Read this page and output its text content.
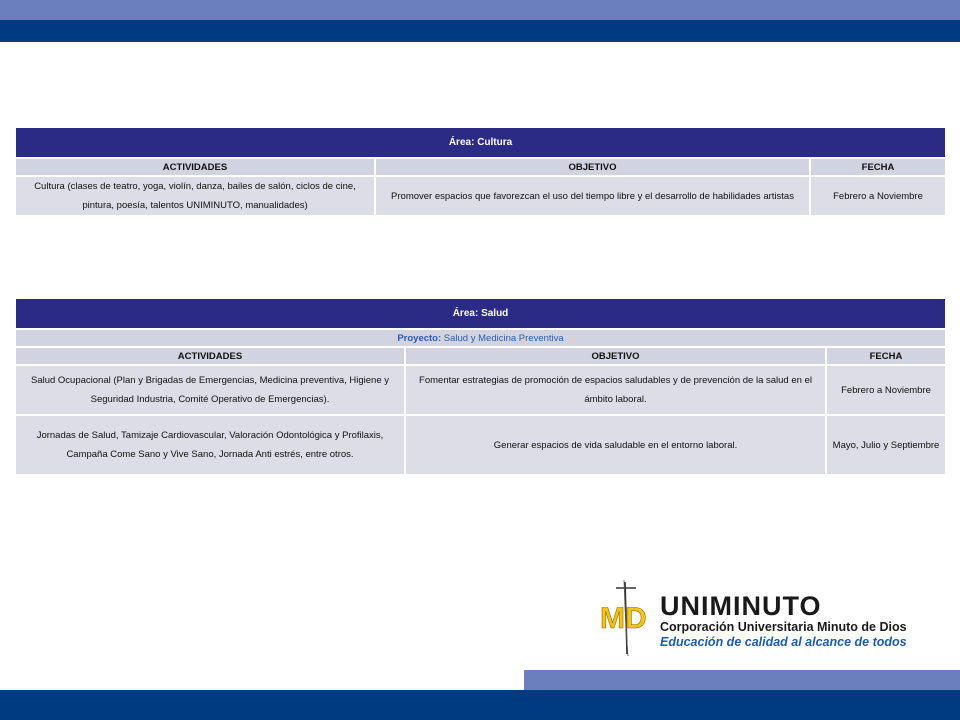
Área: Cultura		
ACTIVIDADES	OBJETIVO	FECHA
Cultura (clases de teatro, yoga, violín, danza, bailes de salón, ciclos de cine, pintura, poesía, talentos UNIMINUTO, manualidades)	Promover espacios que favorezcan el uso del tiempo libre y el desarrollo de habilidades artistas	Febrero a Noviembre
Área: Salud		
Proyecto: Salud y Medicina Preventiva		
ACTIVIDADES	OBJETIVO	FECHA
Salud Ocupacional (Plan y Brigadas de Emergencias, Medicina preventiva, Higiene y Seguridad Industria, Comité Operativo de Emergencias).	Fomentar estrategias de promoción de espacios saludables y de prevención de la salud en el ámbito laboral.	Febrero a Noviembre
Jornadas de Salud, Tamizaje Cardiovascular, Valoración Odontológica y Profilaxis, Campaña Come Sano y Vive Sano, Jornada Anti estrés, entre otros.	Generar espacios de vida saludable en el entorno laboral.	Mayo, Julio y Septiembre
MD UNIMINUTO
Corporación Universitaria Minuto de Dios
Educación de calidad al alcance de todos
